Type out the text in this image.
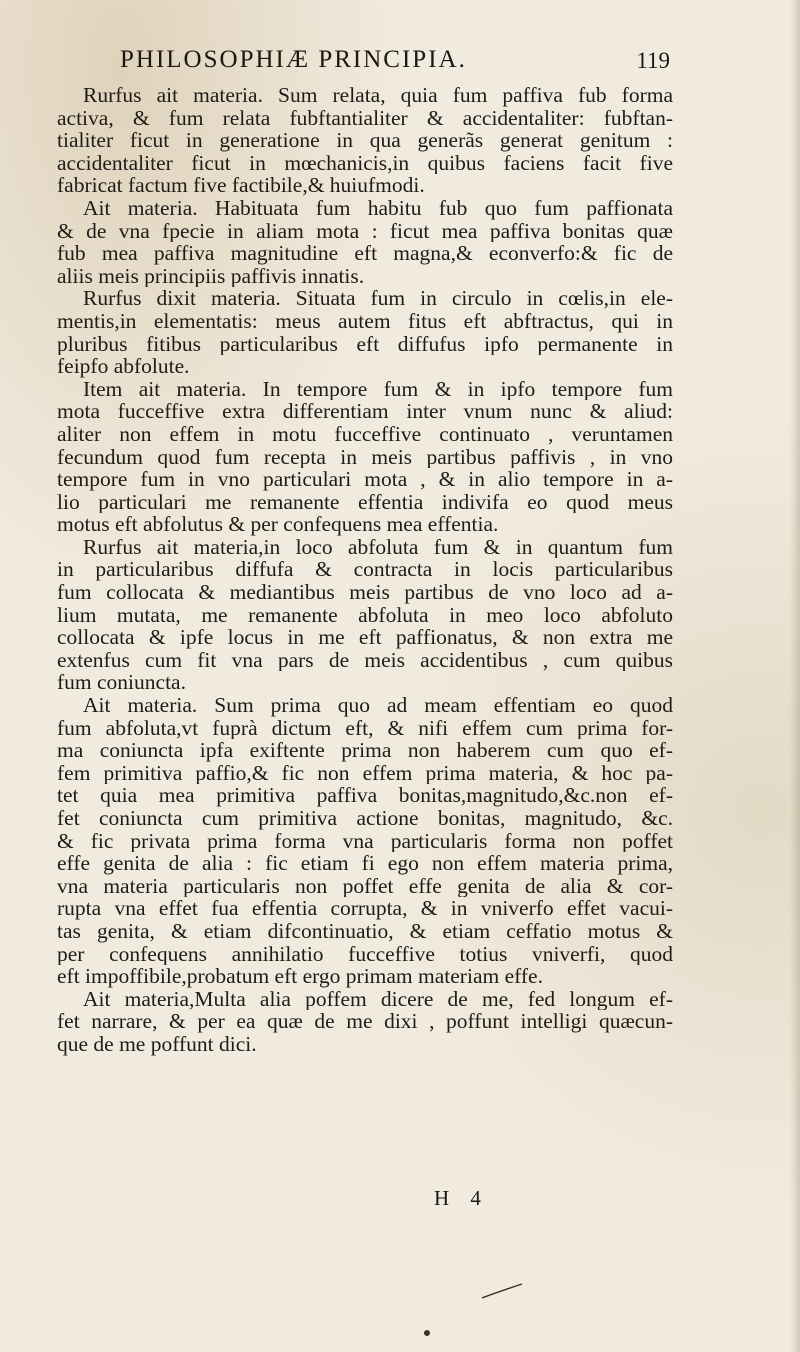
PHILOSOPHIÆ PRINCIPIA.	119
Rurfus ait materia. Sum relata, quia fum paffiva fub forma
activa, & fum relata fubftantialiter & accidentaliter: fubftan-
tialiter ficut in generatione in qua generãs generat genitum :
accidentaliter ficut in mœchanicis,in quibus faciens facit five
fabricat factum five factibile,& huiufmodi.
Ait materia. Habituata fum habitu fub quo fum paffionata
& de vna fpecie in aliam mota : ficut mea paffiva bonitas quæ
fub mea paffiva magnitudine eft magna,& econverfo:& fic de
aliis meis principiis paffivis innatis.
Rurfus dixit materia. Situata fum in circulo in cœlis,in ele-
mentis,in elementatis: meus autem fitus eft abftractus, qui in
pluribus fitibus particularibus eft diffufus ipfo permanente in
feipfo abfolute.
Item ait materia. In tempore fum & in ipfo tempore fum
mota fucceffive extra differentiam inter vnum nunc & aliud:
aliter non effem in motu fucceffive continuato , veruntamen
fecundum quod fum recepta in meis partibus paffivis , in vno
tempore fum in vno particulari mota , & in alio tempore in a-
lio particulari me remanente effentia indivifa eo quod meus
motus eft abfolutus & per confequens mea effentia.
Rurfus ait materia,in loco abfoluta fum & in quantum fum
in particularibus diffufa & contracta in locis particularibus
fum collocata & mediantibus meis partibus de vno loco ad a-
lium mutata, me remanente abfoluta in meo loco abfoluto
collocata & ipfe locus in me eft paffionatus, & non extra me
extenfus cum fit vna pars de meis accidentibus , cum quibus
fum coniuncta.
Ait materia. Sum prima quo ad meam effentiam eo quod
fum abfoluta,vt fuprà dictum eft, & nifi effem cum prima for-
ma coniuncta ipfa exiftente prima non haberem cum quo ef-
fem primitiva paffio,& fic non effem prima materia, & hoc pa-
tet quia mea primitiva paffiva bonitas,magnitudo,&c.non ef-
fet coniuncta cum primitiva actione bonitas, magnitudo, &c.
& fic privata prima forma vna particularis forma non poffet
effe genita de alia : fic etiam fi ego non effem materia prima,
vna materia particularis non poffet effe genita de alia & cor-
rupta vna effet fua effentia corrupta, & in vniverfo effet vacui-
tas genita, & etiam difcontinuatio, & etiam ceffatio motus &
per confequens annihilatio fucceffive totius vniverfi, quod
eft impoffibile,probatum eft ergo primam materiam effe.
Ait materia,Multa alia poffem dicere de me, fed longum ef-
fet narrare, & per ea quæ de me dixi , poffunt intelligi quæcun-
que de me poffunt dici.
H 4
